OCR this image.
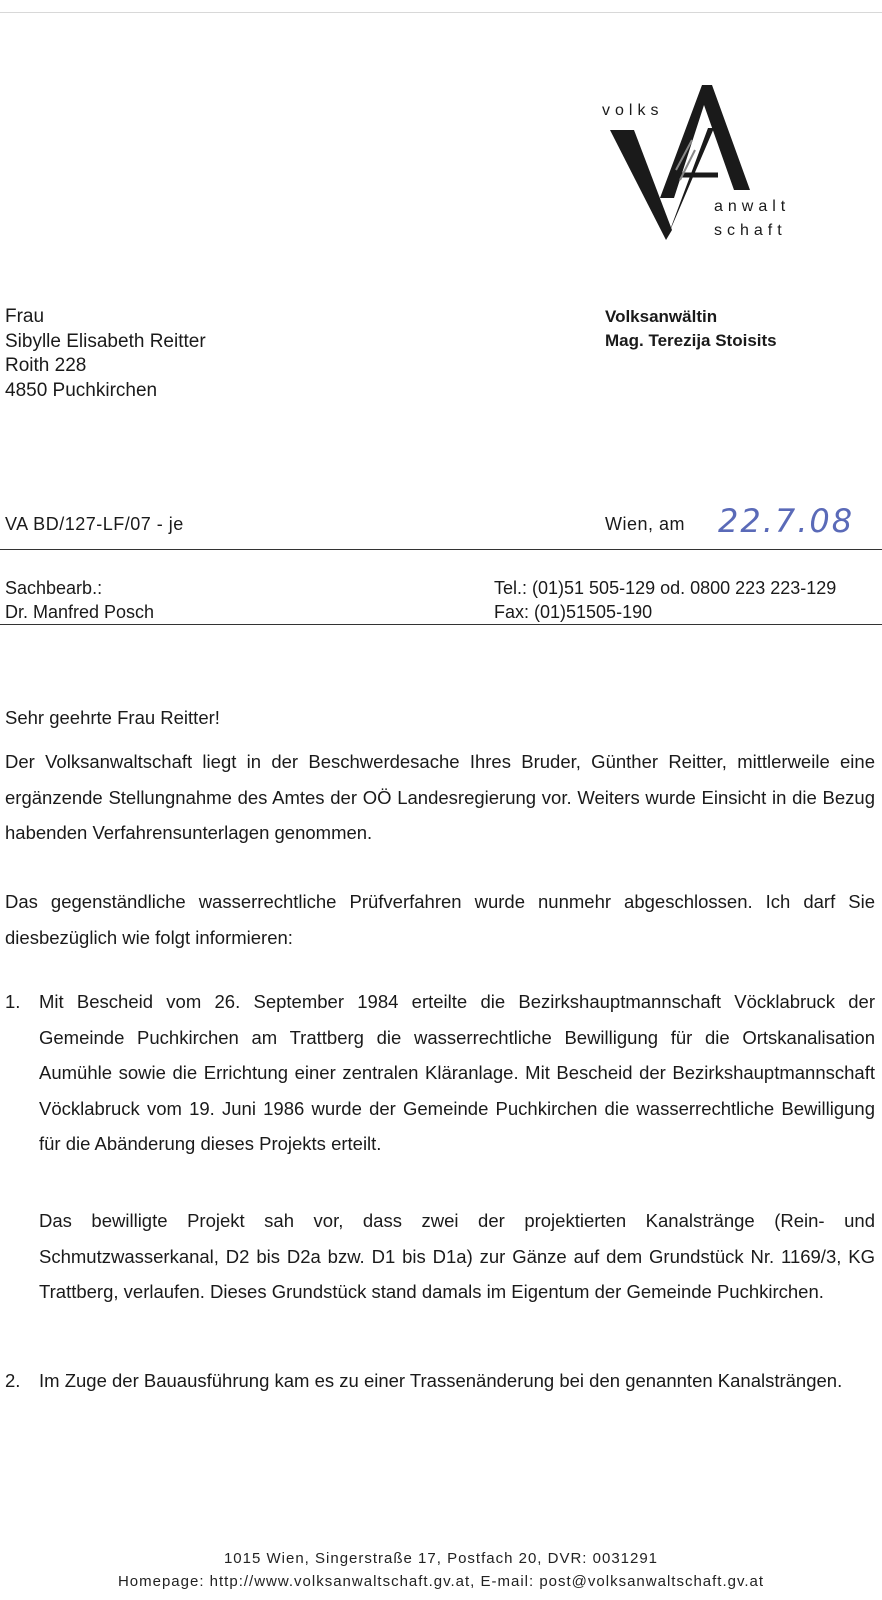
volks
anwalt
schaft
Frau
Sibylle Elisabeth Reitter
Roith 228
4850 Puchkirchen
Volksanwältin
Mag. Terezija Stoisits
VA BD/127-LF/07 - je	Wien, am 22.7.08
Sachbearb.:
Dr. Manfred Posch
Tel.: (01)51 505-129 od. 0800 223 223-129
Fax: (01)51505-190
Sehr geehrte Frau Reitter!
Der Volksanwaltschaft liegt in der Beschwerdesache Ihres Bruder, Günther Reitter, mittlerweile eine ergänzende Stellungnahme des Amtes der OÖ Landesregierung vor. Weiters wurde Einsicht in die Bezug habenden Verfahrensunterlagen genommen.
Das gegenständliche wasserrechtliche Prüfverfahren wurde nunmehr abgeschlossen. Ich darf Sie diesbezüglich wie folgt informieren:
1. Mit Bescheid vom 26. September 1984 erteilte die Bezirkshauptmannschaft Vöcklabruck der Gemeinde Puchkirchen am Trattberg die wasserrechtliche Bewilligung für die Ortskanalisation Aumühle sowie die Errichtung einer zentralen Kläranlage. Mit Bescheid der Bezirkshauptmannschaft Vöcklabruck vom 19. Juni 1986 wurde der Gemeinde Puchkirchen die wasserrechtliche Bewilligung für die Abänderung dieses Projekts erteilt.
Das bewilligte Projekt sah vor, dass zwei der projektierten Kanalstränge (Rein- und Schmutzwasserkanal, D2 bis D2a bzw. D1 bis D1a) zur Gänze auf dem Grundstück Nr. 1169/3, KG Trattberg, verlaufen. Dieses Grundstück stand damals im Eigentum der Gemeinde Puchkirchen.
2. Im Zuge der Bauausführung kam es zu einer Trassenänderung bei den genannten Kanalsträngen.
1015 Wien, Singerstraße 17, Postfach 20, DVR: 0031291
Homepage: http://www.volksanwaltschaft.gv.at, E-mail: post@volksanwaltschaft.gv.at
